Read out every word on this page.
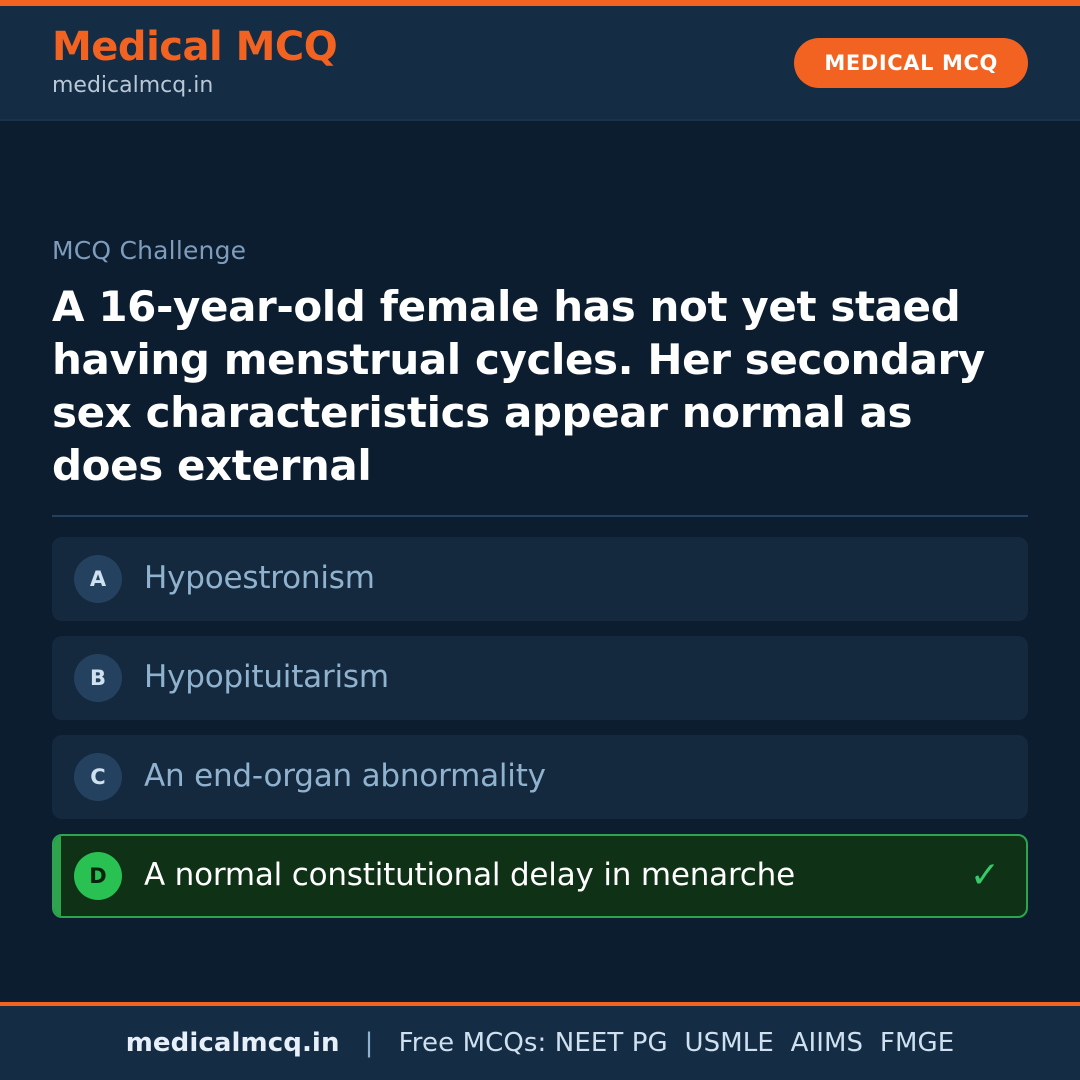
Medical MCQ
medicalmcq.in
MEDICAL MCQ
MCQ Challenge
A 16-year-old female has not yet staed having menstrual cycles. Her secondary sex characteristics appear normal as does external
A	Hypoestronism
B	Hypopituitarism
C	An end-organ abnormality
D	A normal constitutional delay in menarche	✓
medicalmcq.in | Free MCQs: NEET PG  USMLE  AIIMS  FMGE
